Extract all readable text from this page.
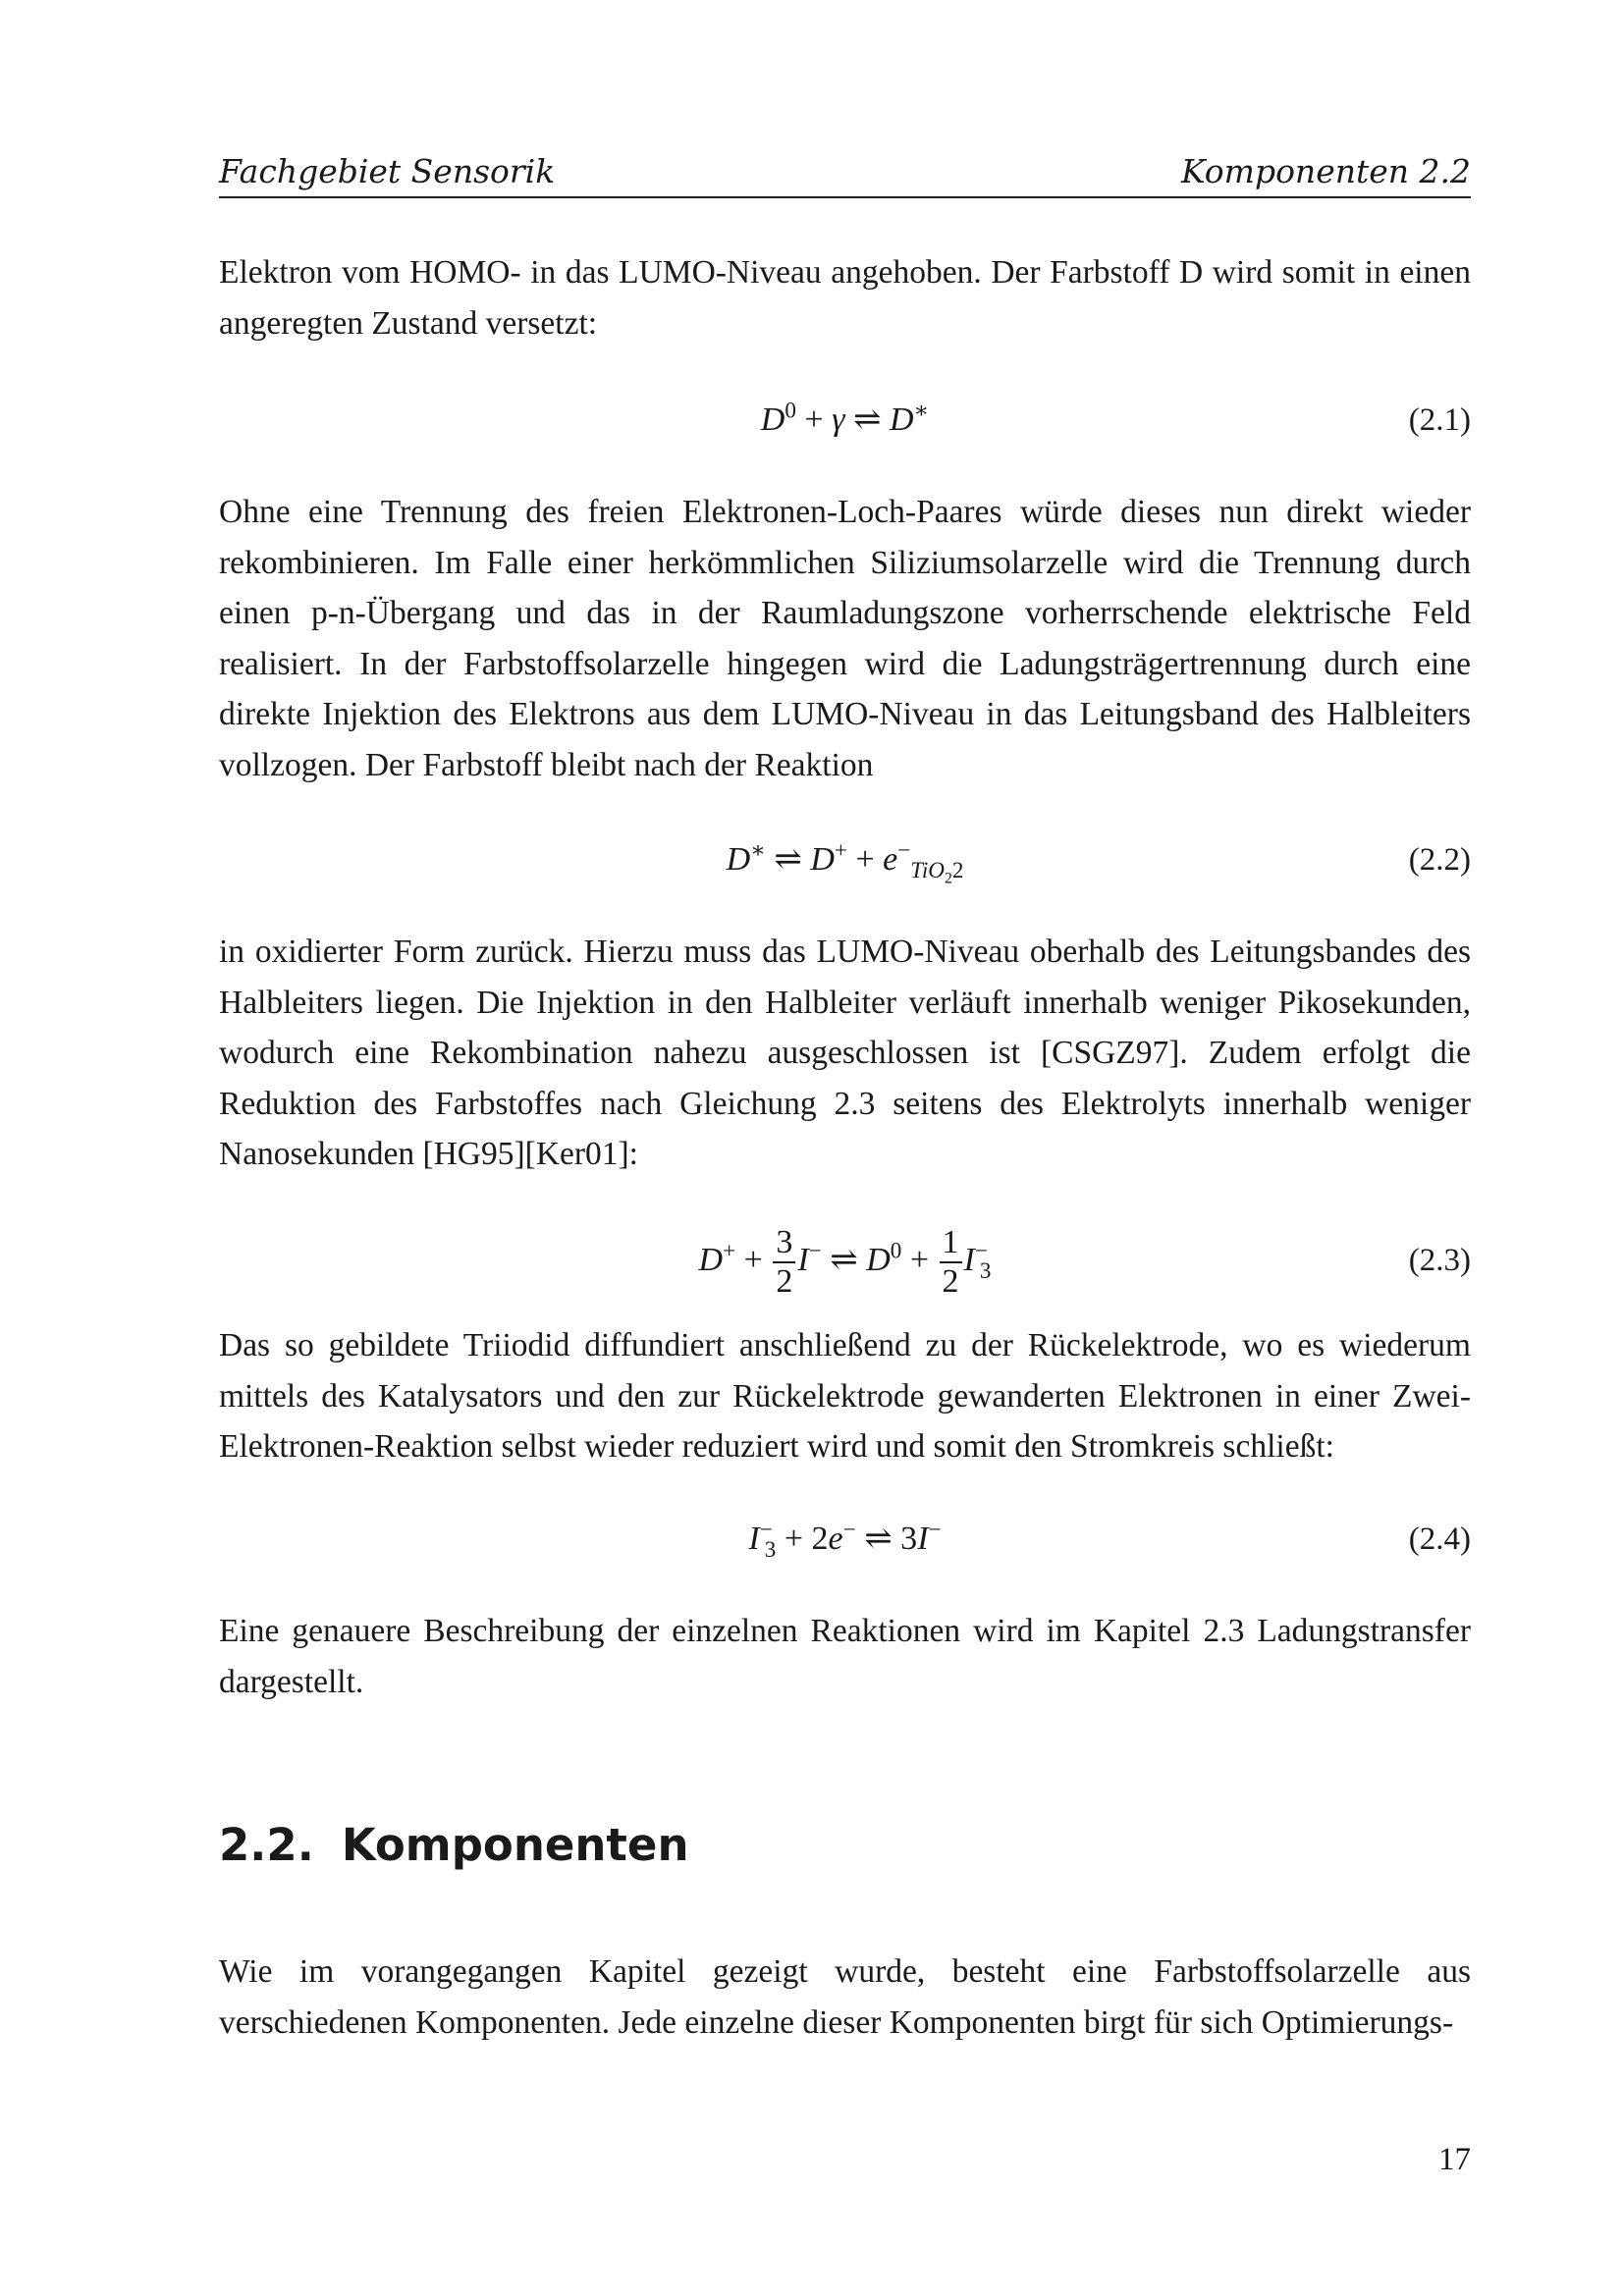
Fachgebiet Sensorik	Komponenten 2.2
Elektron vom HOMO- in das LUMO-Niveau angehoben. Der Farbstoff D wird somit in einen angeregten Zustand versetzt:
$D^0 + \gamma$ ⇌ D∗	(2.1)
Ohne eine Trennung des freien Elektronen-Loch-Paares würde dieses nun direkt wieder rekombinieren. Im Falle einer herkömmlichen Siliziumsolarzelle wird die Trennung durch einen p-n-Übergang und das in der Raumladungszone vorherrschende elektrische Feld realisiert. In der Farbstoffsolarzelle hingegen wird die Ladungsträgertrennung durch eine direkte Injektion des Elektrons aus dem LUMO-Niveau in das Leitungsband des Halbleiters vollzogen. Der Farbstoff bleibt nach der Reaktion
D∗ ⇌ $D^+ + e^-_{TiO_22}$	(2.2)
in oxidierter Form zurück. Hierzu muss das LUMO-Niveau oberhalb des Leitungsbandes des Halbleiters liegen. Die Injektion in den Halbleiter verläuft innerhalb weniger Pikosekunden, wodurch eine Rekombination nahezu ausgeschlossen ist [CSGZ97]. Zudem erfolgt die Reduktion des Farbstoffes nach Gleichung 2.3 seitens des Elektrolyts innerhalb weniger Nanosekunden [HG95][Ker01]:
$D^+ + \frac{3}{2} I^-$ ⇌ $D^0 + \frac{1}{2} I^-_3$	(2.3)
Das so gebildete Triiodid diffundiert anschließend zu der Rückelektrode, wo es wiederum mittels des Katalysators und den zur Rückelektrode gewanderten Elektronen in einer Zwei-Elektronen-Reaktion selbst wieder reduziert wird und somit den Stromkreis schließt:
$I^-_3 + 2e^-$ ⇌ 3I−	(2.4)
Eine genauere Beschreibung der einzelnen Reaktionen wird im Kapitel 2.3 Ladungstransfer dargestellt.
2.2. Komponenten
Wie im vorangegangen Kapitel gezeigt wurde, besteht eine Farbstoffsolarzelle aus verschiedenen Komponenten. Jede einzelne dieser Komponenten birgt für sich Optimierungs-
17
